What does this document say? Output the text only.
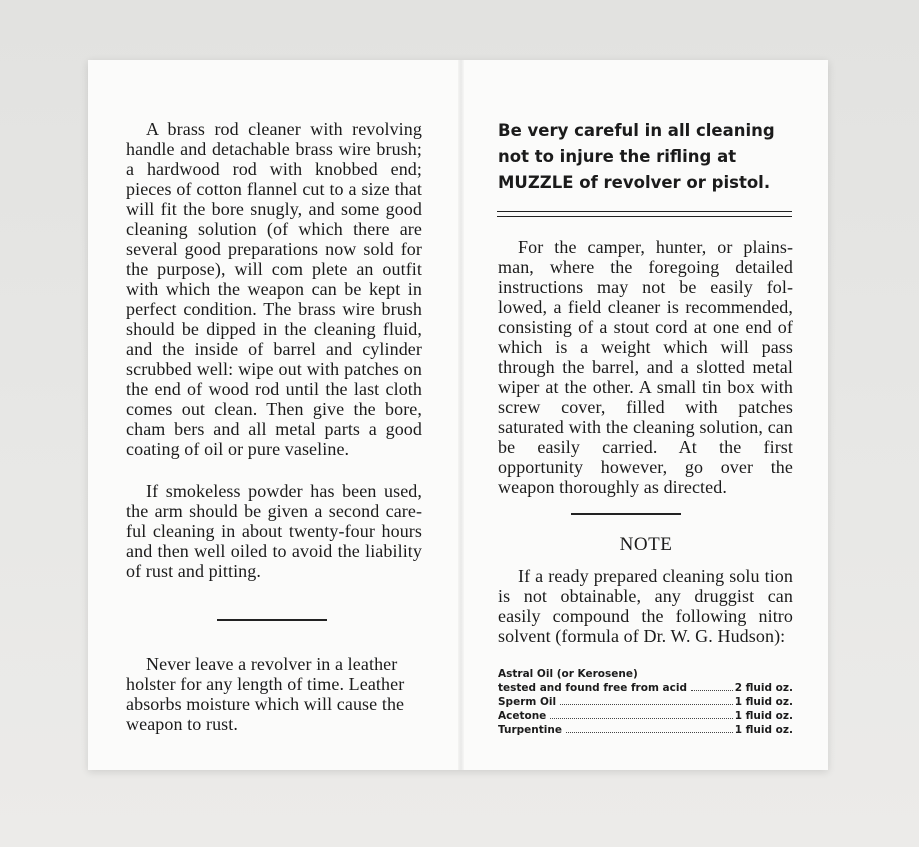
A brass rod cleaner with revolving handle and detachable brass wire brush; a hardwood rod with knobbed end; pieces of cotton flannel cut to a size that will fit the bore snugly, and some good cleaning solution (of which there are several good preparations now sold for the purpose), will com plete an outfit with which the weapon can be kept in perfect condition. The brass wire brush should be dipped in the cleaning fluid, and the inside of barrel and cylinder scrubbed well: wipe out with patches on the end of wood rod until the last cloth comes out clean. Then give the bore, cham bers and all metal parts a good coating of oil or pure vaseline.

If smokeless powder has been used, the arm should be given a second care ful cleaning in about twenty-four hours and then well oiled to avoid the liability of rust and pitting.

Never leave a revolver in a leather holster for any length of time. Leather absorbs moisture which will cause the weapon to rust.

Be very careful in all cleaning not to injure the rifling at MUZZLE of revolver or pistol.

For the camper, hunter, or plains man, where the foregoing detailed instructions may not be easily fol lowed, a field cleaner is recommended, consisting of a stout cord at one end of which is a weight which will pass through the barrel, and a slotted metal wiper at the other. A small tin box with screw cover, filled with patches saturated with the cleaning solution, can be easily carried. At the first opportunity however, go over the weapon thoroughly as directed.

NOTE

If a ready prepared cleaning solu tion is not obtainable, any druggist can easily compound the following nitro solvent (formula of Dr. W. G. Hudson):

Astral Oil (or Kerosene)

tested and found free from acid	2 fluid oz.
Sperm Oil	1 fluid oz.
Acetone	1 fluid oz.
Turpentine	1 fluid oz.
